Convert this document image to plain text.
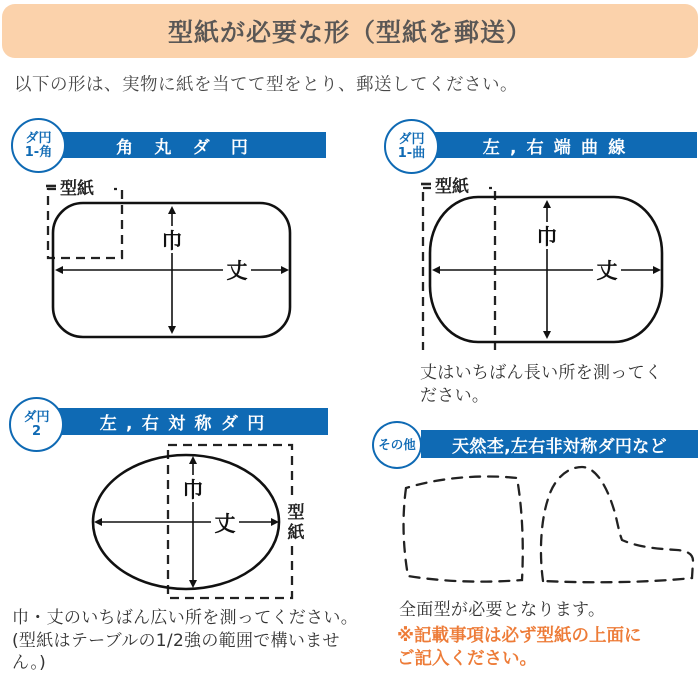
型紙が必要な形（型紙を郵送）

以下の形は、実物に紙を当てて型をとり、郵送してください。

角丸ダ円
ダ円
1-角
型紙
巾
丈
左,右端曲線
ダ円
1-曲
型紙
巾
丈

丈はいちばん長い所を測ってください。

左,右対称ダ円
ダ円
2
巾
丈	型
紙

巾・丈のいちばん広い所を測ってください。

(型紙はテーブルの1/2強の範囲で構いません。)

天然杢,左右非対称ダ円など
その他

全面型が必要となります。

※記載事項は必ず型紙の上面にご記入ください。
